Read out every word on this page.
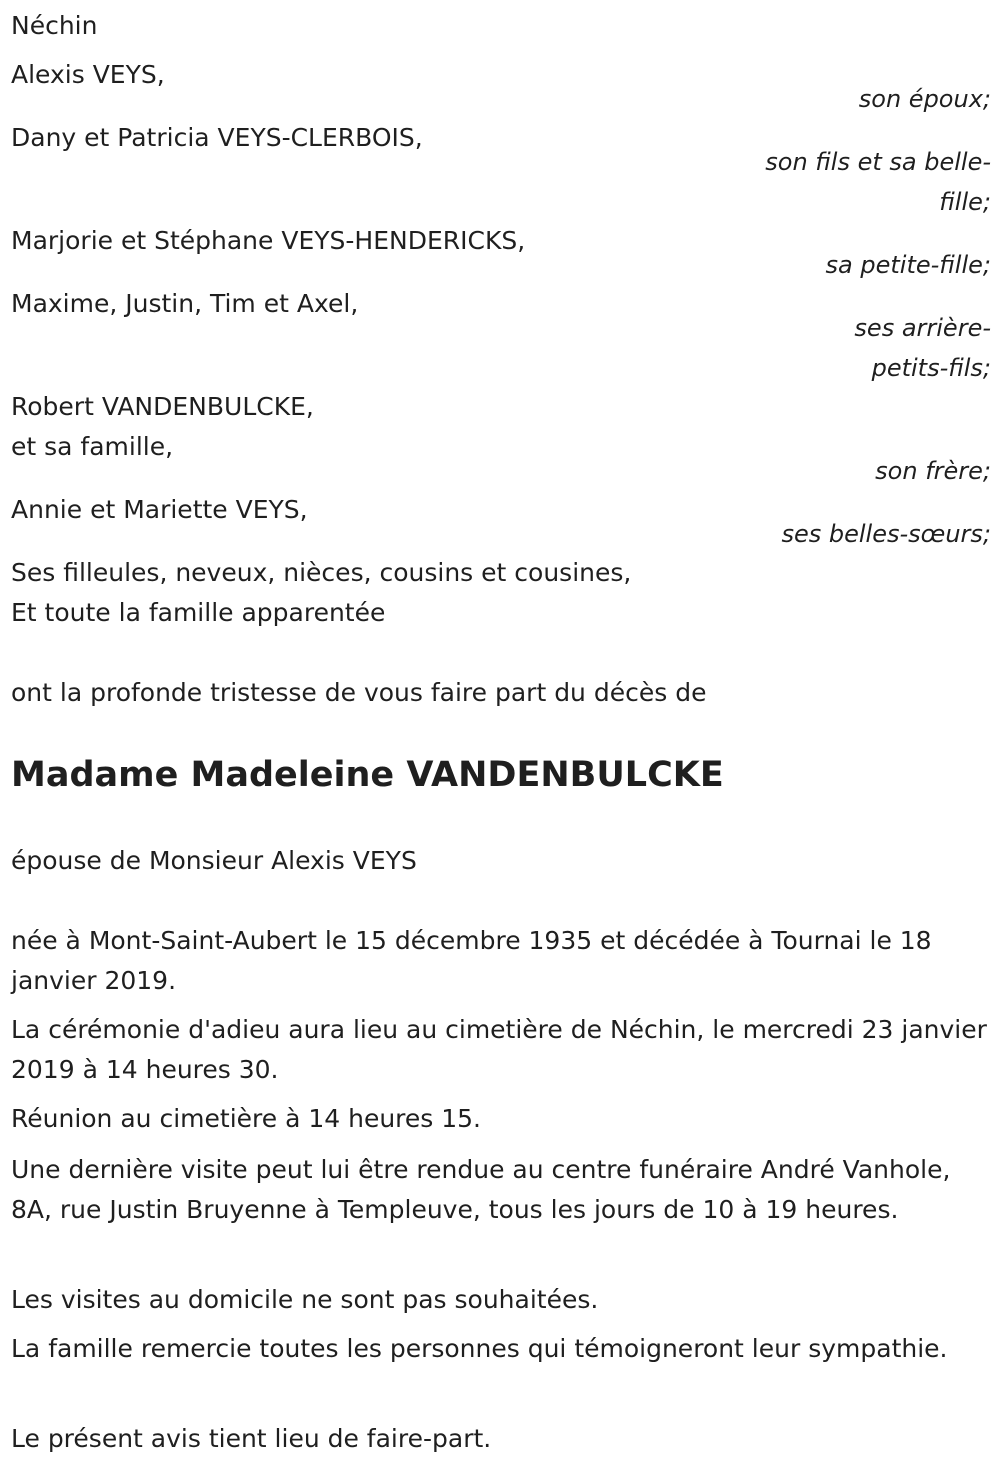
Néchin
Alexis VEYS,
son époux;
Dany et Patricia VEYS-CLERBOIS,
son fils et sa belle-fille;
Marjorie et Stéphane VEYS-HENDERICKS,
sa petite-fille;
Maxime, Justin, Tim et Axel,
ses arrière-petits-fils;
Robert VANDENBULCKE,
et sa famille,
son frère;
Annie et Mariette VEYS,
ses belles-sœurs;
Ses filleules, neveux, nièces, cousins et cousines,
Et toute la famille apparentée
ont la profonde tristesse de vous faire part du décès de
Madame Madeleine VANDENBULCKE
épouse de Monsieur Alexis VEYS
née à Mont-Saint-Aubert le 15 décembre 1935 et décédée à Tournai le 18 janvier 2019.
La cérémonie d'adieu aura lieu au cimetière de Néchin, le mercredi 23 janvier 2019 à 14 heures 30.
Réunion au cimetière à 14 heures 15.
Une dernière visite peut lui être rendue au centre funéraire André Vanhole, 8A, rue Justin Bruyenne à Templeuve, tous les jours de 10 à 19 heures.
Les visites au domicile ne sont pas souhaitées.
La famille remercie toutes les personnes qui témoigneront leur sympathie.
Le présent avis tient lieu de faire-part.
